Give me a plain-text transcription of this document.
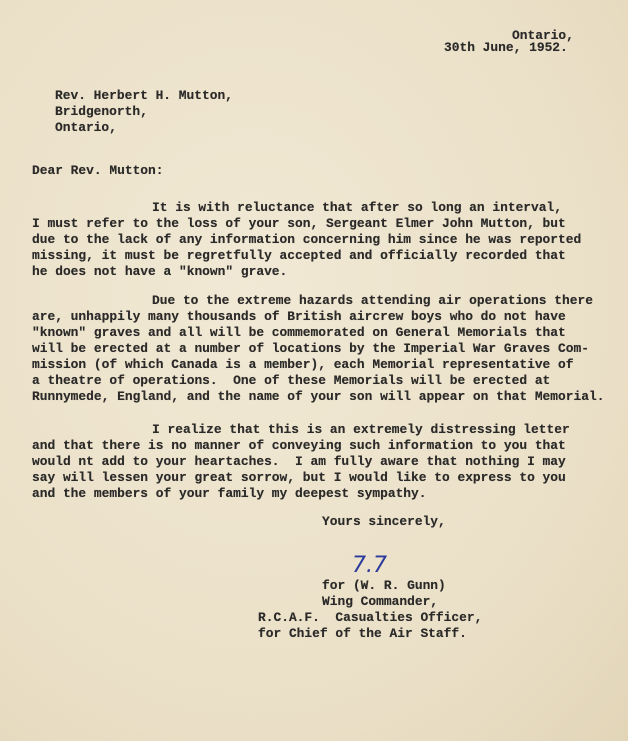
Ontario,
30th June, 1952.
Rev. Herbert H. Mutton,
Bridgenorth,
Ontario,
Dear Rev. Mutton:
It is with reluctance that after so long an interval,
I must refer to the loss of your son, Sergeant Elmer John Mutton, but
due to the lack of any information concerning him since he was reported
missing, it must be regretfully accepted and officially recorded that
he does not have a "known" grave.
Due to the extreme hazards attending air operations there
are, unhappily many thousands of British aircrew boys who do not have
"known" graves and all will be commemorated on General Memorials that
will be erected at a number of locations by the Imperial War Graves Com-
mission (of which Canada is a member), each Memorial representative of
a theatre of operations.  One of these Memorials will be erected at
Runnymede, England, and the name of your son will appear on that Memorial.
I realize that this is an extremely distressing letter
and that there is no manner of conveying such information to you that
would nt add to your heartaches.  I am fully aware that nothing I may
say will lessen your great sorrow, but I would like to express to you
and the members of your family my deepest sympathy.
Yours sincerely,
7.7
for (W. R. Gunn)
Wing Commander,
R.C.A.F.  Casualties Officer,
for Chief of the Air Staff.
